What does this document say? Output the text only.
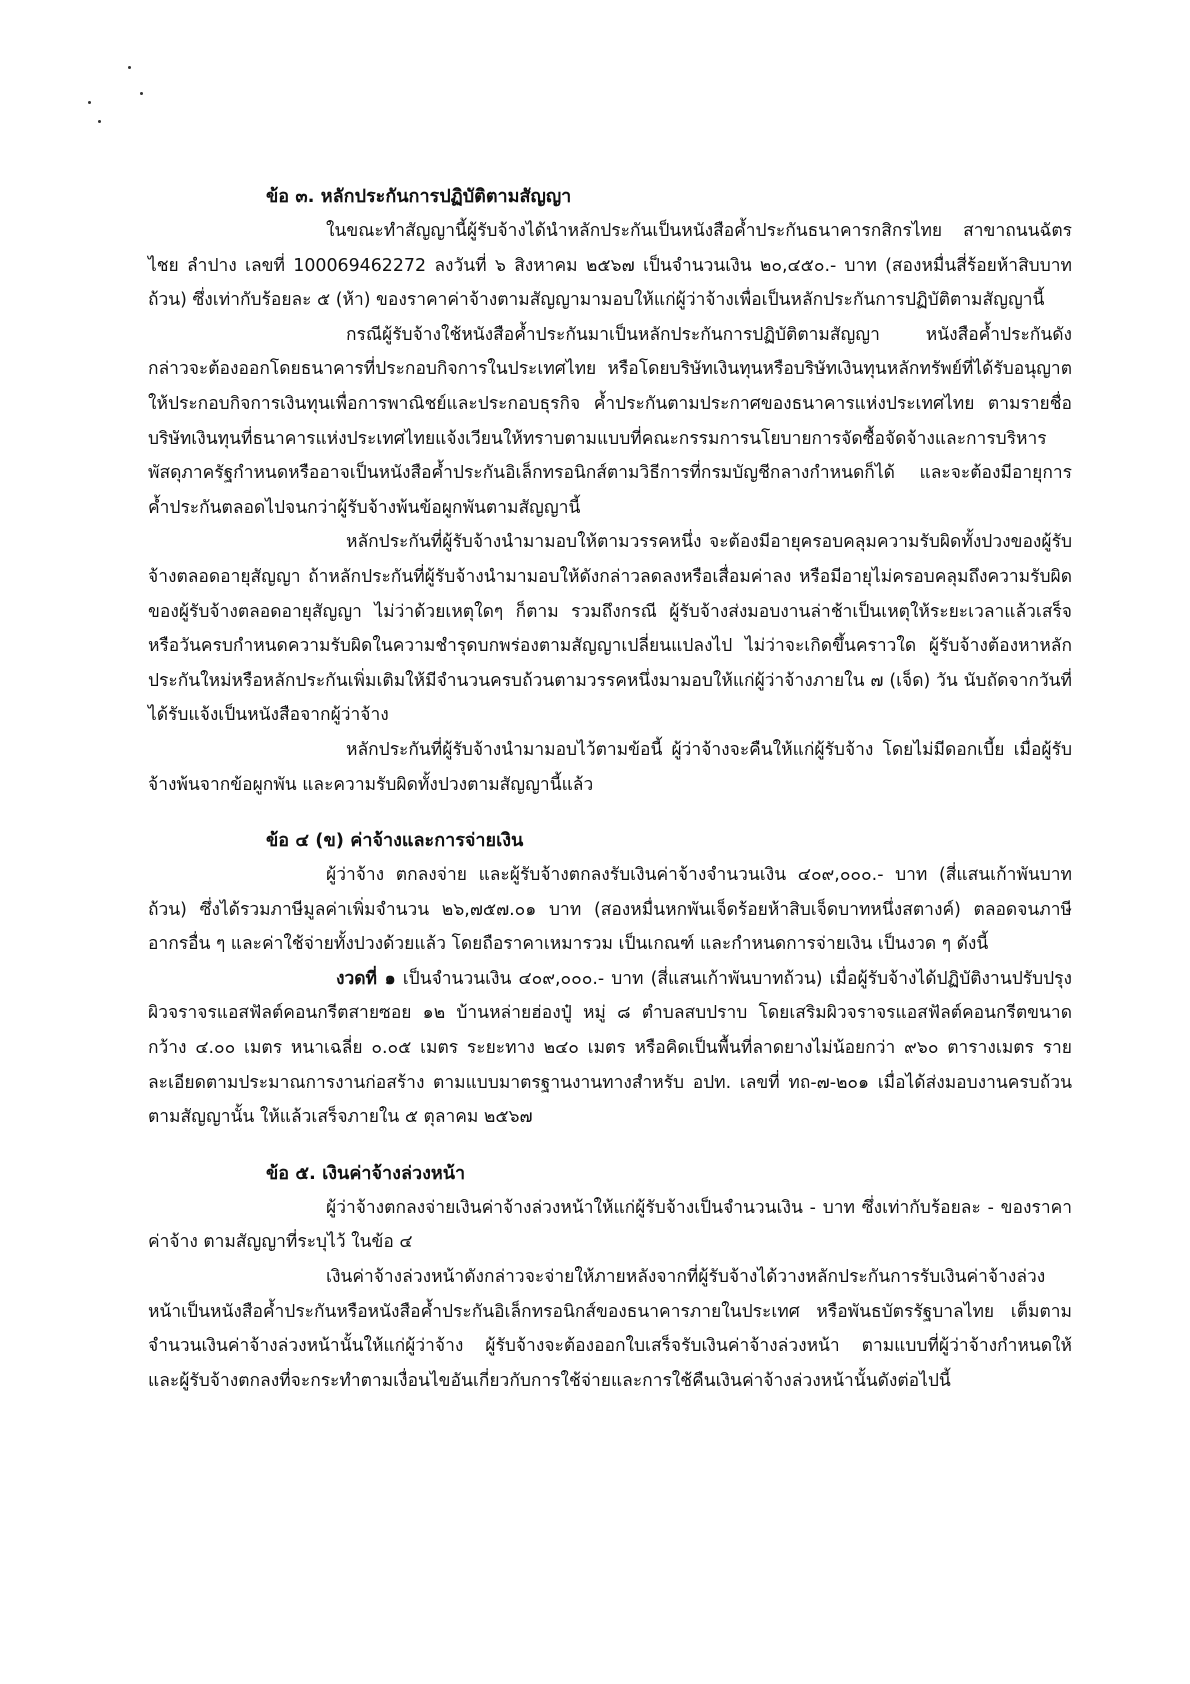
ข้อ ๓. หลักประกันการปฏิบัติตามสัญญา

ในขณะทำสัญญานี้ผู้รับจ้างได้นำหลักประกันเป็นหนังสือค้ำประกันธนาคารกสิกรไทย สาขาถนนฉัตรไชย ลำปาง เลขที่ 100069462272 ลงวันที่ ๖ สิงหาคม ๒๕๖๗ เป็นจำนวนเงิน ๒๐,๔๕๐.- บาท (สองหมื่นสี่ร้อยห้าสิบบาทถ้วน) ซึ่งเท่ากับร้อยละ ๕ (ห้า) ของราคาค่าจ้างตามสัญญามามอบให้แก่ผู้ว่าจ้างเพื่อเป็นหลักประกันการปฏิบัติตามสัญญานี้

กรณีผู้รับจ้างใช้หนังสือค้ำประกันมาเป็นหลักประกันการปฏิบัติตามสัญญา หนังสือค้ำประกันดังกล่าวจะต้องออกโดยธนาคารที่ประกอบกิจการในประเทศไทย หรือโดยบริษัทเงินทุนหรือบริษัทเงินทุนหลักทรัพย์ที่ได้รับอนุญาตให้ประกอบกิจการเงินทุนเพื่อการพาณิชย์และประกอบธุรกิจ ค้ำประกันตามประกาศของธนาคารแห่งประเทศไทย ตามรายชื่อบริษัทเงินทุนที่ธนาคารแห่งประเทศไทยแจ้งเวียนให้ทราบตามแบบที่คณะกรรมการนโยบายการจัดซื้อจัดจ้างและการบริหารพัสดุภาครัฐกำหนดหรืออาจเป็นหนังสือค้ำประกันอิเล็กทรอนิกส์ตามวิธีการที่กรมบัญชีกลางกำหนดก็ได้ และจะต้องมีอายุการค้ำประกันตลอดไปจนกว่าผู้รับจ้างพ้นข้อผูกพันตามสัญญานี้

หลักประกันที่ผู้รับจ้างนำมามอบให้ตามวรรคหนึ่ง จะต้องมีอายุครอบคลุมความรับผิดทั้งปวงของผู้รับจ้างตลอดอายุสัญญา ถ้าหลักประกันที่ผู้รับจ้างนำมามอบให้ดังกล่าวลดลงหรือเสื่อมค่าลง หรือมีอายุไม่ครอบคลุมถึงความรับผิดของผู้รับจ้างตลอดอายุสัญญา ไม่ว่าด้วยเหตุใดๆ ก็ตาม รวมถึงกรณี ผู้รับจ้างส่งมอบงานล่าช้าเป็นเหตุให้ระยะเวลาแล้วเสร็จหรือวันครบกำหนดความรับผิดในความชำรุดบกพร่องตามสัญญาเปลี่ยนแปลงไป ไม่ว่าจะเกิดขึ้นคราวใด ผู้รับจ้างต้องหาหลักประกันใหม่หรือหลักประกันเพิ่มเติมให้มีจำนวนครบถ้วนตามวรรคหนึ่งมามอบให้แก่ผู้ว่าจ้างภายใน ๗ (เจ็ด) วัน นับถัดจากวันที่ได้รับแจ้งเป็นหนังสือจากผู้ว่าจ้าง

หลักประกันที่ผู้รับจ้างนำมามอบไว้ตามข้อนี้ ผู้ว่าจ้างจะคืนให้แก่ผู้รับจ้าง โดยไม่มีดอกเบี้ย เมื่อผู้รับจ้างพ้นจากข้อผูกพัน และความรับผิดทั้งปวงตามสัญญานี้แล้ว

ข้อ ๔ (ข) ค่าจ้างและการจ่ายเงิน

ผู้ว่าจ้าง ตกลงจ่าย และผู้รับจ้างตกลงรับเงินค่าจ้างจำนวนเงิน ๔๐๙,๐๐๐.- บาท (สี่แสนเก้าพันบาทถ้วน) ซึ่งได้รวมภาษีมูลค่าเพิ่มจำนวน ๒๖,๗๕๗.๐๑ บาท (สองหมื่นหกพันเจ็ดร้อยห้าสิบเจ็ดบาทหนึ่งสตางค์) ตลอดจนภาษีอากรอื่น ๆ และค่าใช้จ่ายทั้งปวงด้วยแล้ว โดยถือราคาเหมารวม เป็นเกณฑ์ และกำหนดการจ่ายเงิน เป็นงวด ๆ ดังนี้

งวดที่ ๑ เป็นจำนวนเงิน ๔๐๙,๐๐๐.- บาท (สี่แสนเก้าพันบาทถ้วน) เมื่อผู้รับจ้างได้ปฏิบัติงานปรับปรุงผิวจราจรแอสฟัลต์คอนกรีตสายซอย ๑๒ บ้านหล่ายฮ่องปู๋ หมู่ ๘ ตำบลสบปราบ โดยเสริมผิวจราจรแอสฟัลต์คอนกรีตขนาดกว้าง ๔.๐๐ เมตร หนาเฉลี่ย ๐.๐๕ เมตร ระยะทาง ๒๔๐ เมตร หรือคิดเป็นพื้นที่ลาดยางไม่น้อยกว่า ๙๖๐ ตารางเมตร รายละเอียดตามประมาณการงานก่อสร้าง ตามแบบมาตรฐานงานทางสำหรับ อปท. เลขที่ ทถ-๗-๒๐๑ เมื่อได้ส่งมอบงานครบถ้วนตามสัญญานั้น ให้แล้วเสร็จภายใน ๕ ตุลาคม ๒๕๖๗

ข้อ ๕. เงินค่าจ้างล่วงหน้า

ผู้ว่าจ้างตกลงจ่ายเงินค่าจ้างล่วงหน้าให้แก่ผู้รับจ้างเป็นจำนวนเงิน - บาท ซึ่งเท่ากับร้อยละ - ของราคาค่าจ้าง ตามสัญญาที่ระบุไว้ ในข้อ ๔

เงินค่าจ้างล่วงหน้าดังกล่าวจะจ่ายให้ภายหลังจากที่ผู้รับจ้างได้วางหลักประกันการรับเงินค่าจ้างล่วงหน้าเป็นหนังสือค้ำประกันหรือหนังสือค้ำประกันอิเล็กทรอนิกส์ของธนาคารภายในประเทศ หรือพันธบัตรรัฐบาลไทย เต็มตามจำนวนเงินค่าจ้างล่วงหน้านั้นให้แก่ผู้ว่าจ้าง ผู้รับจ้างจะต้องออกใบเสร็จรับเงินค่าจ้างล่วงหน้า ตามแบบที่ผู้ว่าจ้างกำหนดให้ และผู้รับจ้างตกลงที่จะกระทำตามเงื่อนไขอันเกี่ยวกับการใช้จ่ายและการใช้คืนเงินค่าจ้างล่วงหน้านั้นดังต่อไปนี้
